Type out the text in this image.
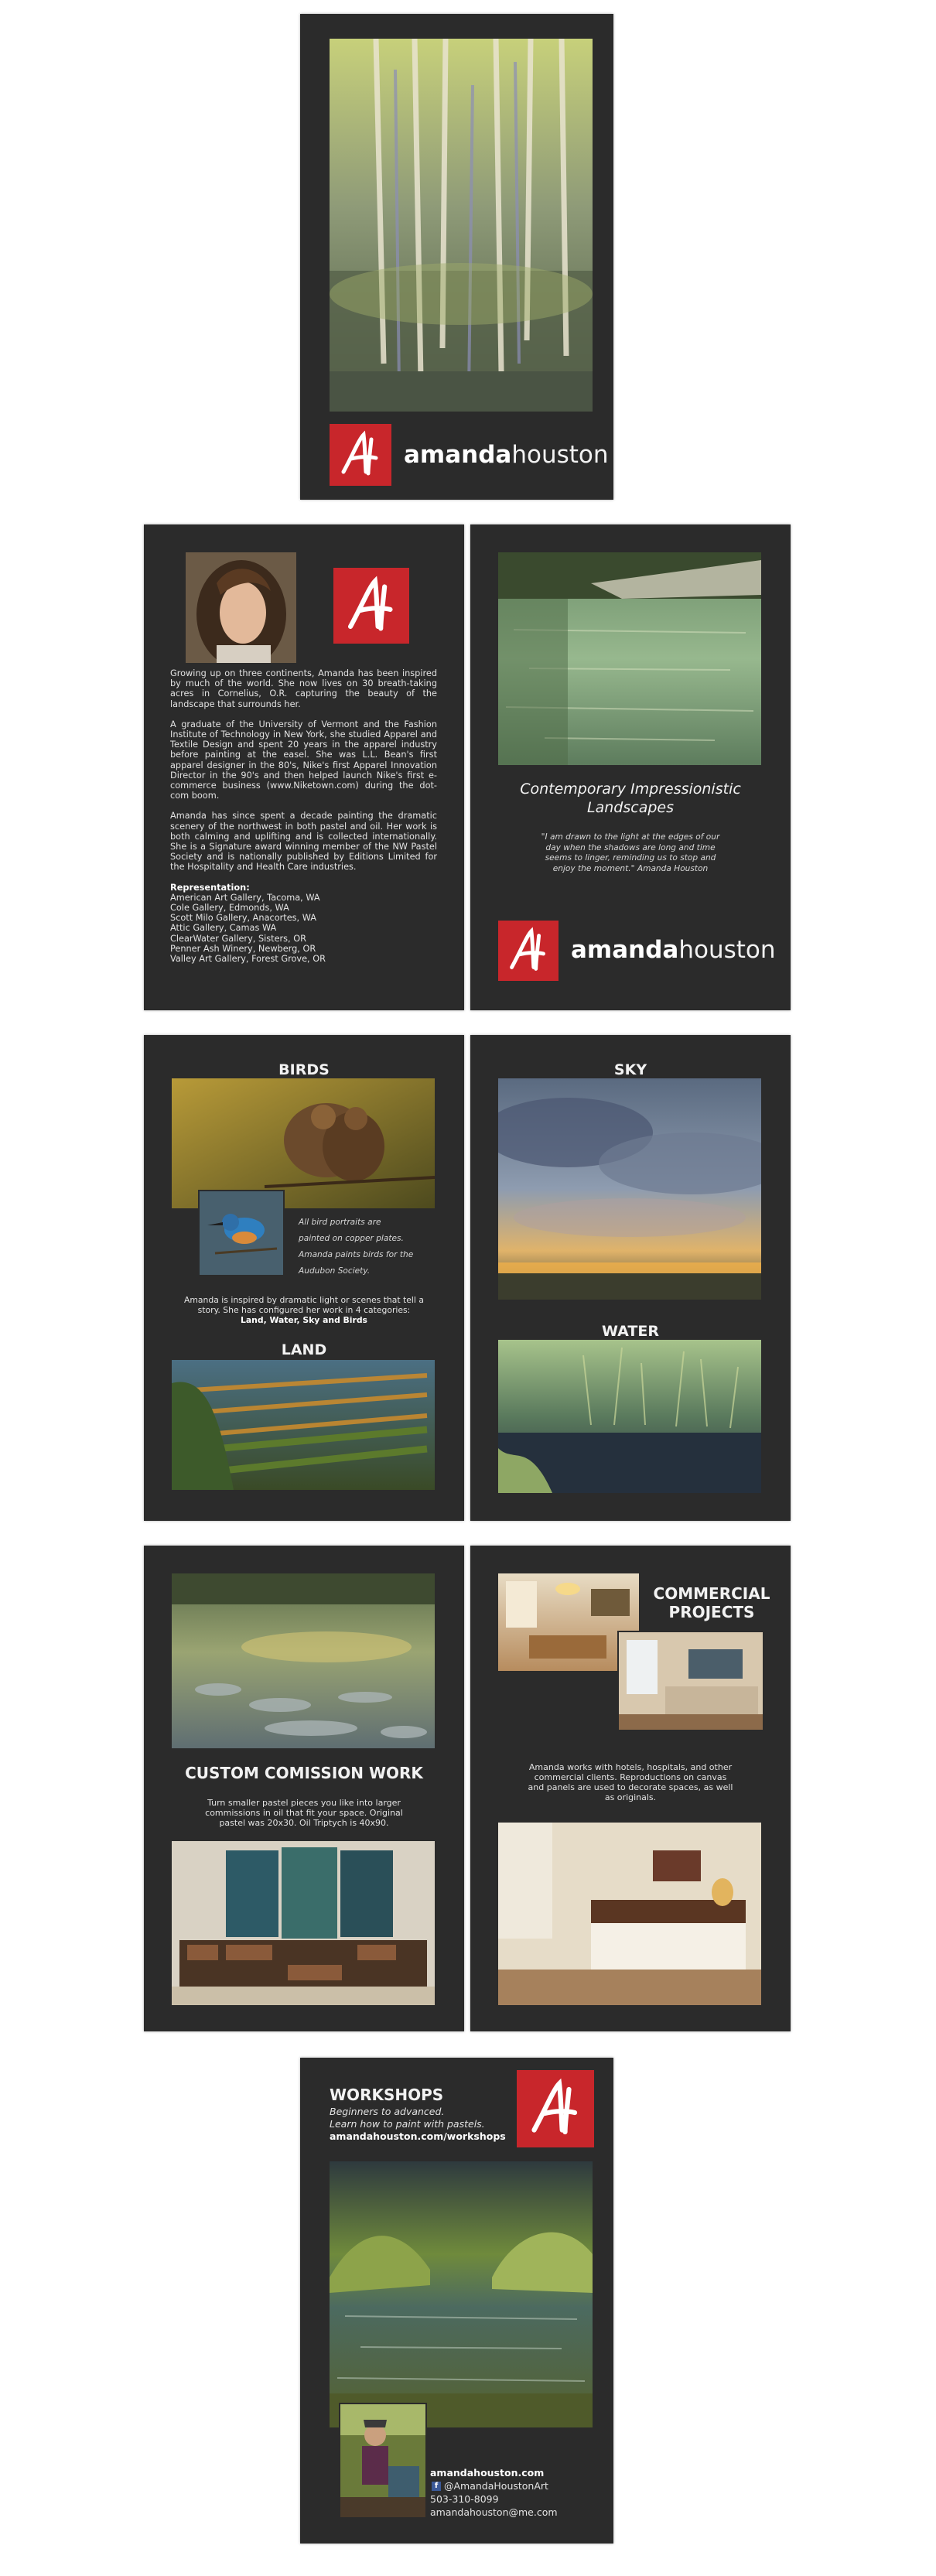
amandahouston

Growing up on three continents, Amanda has been inspired by much of the world. She now lives on 30 breath-taking acres in Cornelius, O.R. capturing the beauty of the landscape that surrounds her.

A graduate of the University of Vermont and the Fashion Institute of Technology in New York, she studied Apparel and Textile Design and spent 20 years in the apparel industry before painting at the easel. She was L.L. Bean's first apparel designer in the 80's, Nike's first Apparel Innovation Director in the 90's and then helped launch Nike's first e-commerce business (www.Niketown.com) during the dot-com boom.

Amanda has since spent a decade painting the dramatic scenery of the northwest in both pastel and oil. Her work is both calming and uplifting and is collected internationally. She is a Signature award winning member of the NW Pastel Society and is nationally published by Editions Limited for the Hospitality and Health Care industries.

Representation:

American Art Gallery, Tacoma, WA
Cole Gallery, Edmonds, WA
Scott Milo Gallery, Anacortes, WA
Attic Gallery, Camas WA
ClearWater Gallery, Sisters, OR
Penner Ash Winery, Newberg, OR
Valley Art Gallery, Forest Grove, OR
Contemporary Impressionistic Landscapes
"I am drawn to the light at the edges of our day when the shadows are long and time seems to linger, reminding us to stop and enjoy the moment." Amanda Houston
amandahouston
BIRDS
All bird portraits are painted on copper plates. Amanda paints birds for the Audubon Society.
Amanda is inspired by dramatic light or scenes that tell a story. She has configured her work in 4 categories:
Land, Water, Sky and Birds
LAND
SKY
WATER
CUSTOM COMISSION WORK
Turn smaller pastel pieces you like into larger commissions in oil that fit your space. Original pastel was 20x30. Oil Triptych is 40x90.
COMMERCIAL
PROJECTS
Amanda works with hotels, hospitals, and other commercial clients. Reproductions on canvas and panels are used to decorate spaces, as well as originals.
WORKSHOPS
Beginners to advanced.
Learn how to paint with pastels.
amandahouston.com/workshops
amandahouston.com
f @AmandaHoustonArt
503-310-8099
amandahouston@me.com
